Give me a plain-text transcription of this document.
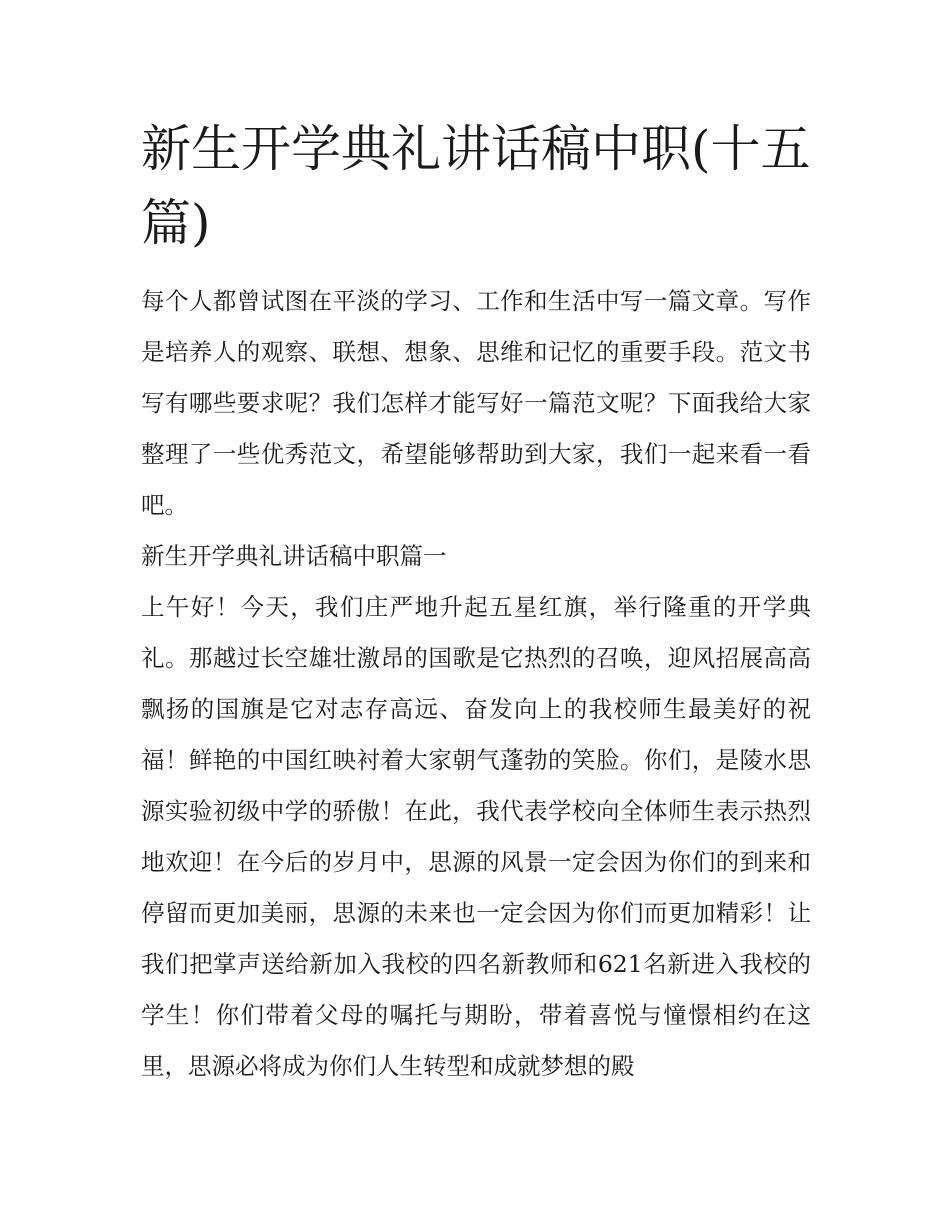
新生开学典礼讲话稿中职(十五篇)

每个人都曾试图在平淡的学习、工作和生活中写一篇文章。写作是培养人的观察、联想、想象、思维和记忆的重要手段。范文书写有哪些要求呢？我们怎样才能写好一篇范文呢？下面我给大家整理了一些优秀范文，希望能够帮助到大家，我们一起来看一看吧。

新生开学典礼讲话稿中职篇一

上午好！今天，我们庄严地升起五星红旗，举行隆重的开学典礼。那越过长空雄壮激昂的国歌是它热烈的召唤，迎风招展高高飘扬的国旗是它对志存高远、奋发向上的我校师生最美好的祝福！鲜艳的中国红映衬着大家朝气蓬勃的笑脸。你们，是陵水思源实验初级中学的骄傲！在此，我代表学校向全体师生表示热烈地欢迎！在今后的岁月中，思源的风景一定会因为你们的到来和停留而更加美丽，思源的未来也一定会因为你们而更加精彩！让我们把掌声送给新加入我校的四名新教师和621名新进入我校的学生！你们带着父母的嘱托与期盼，带着喜悦与憧憬相约在这里，思源必将成为你们人生转型和成就梦想的殿
